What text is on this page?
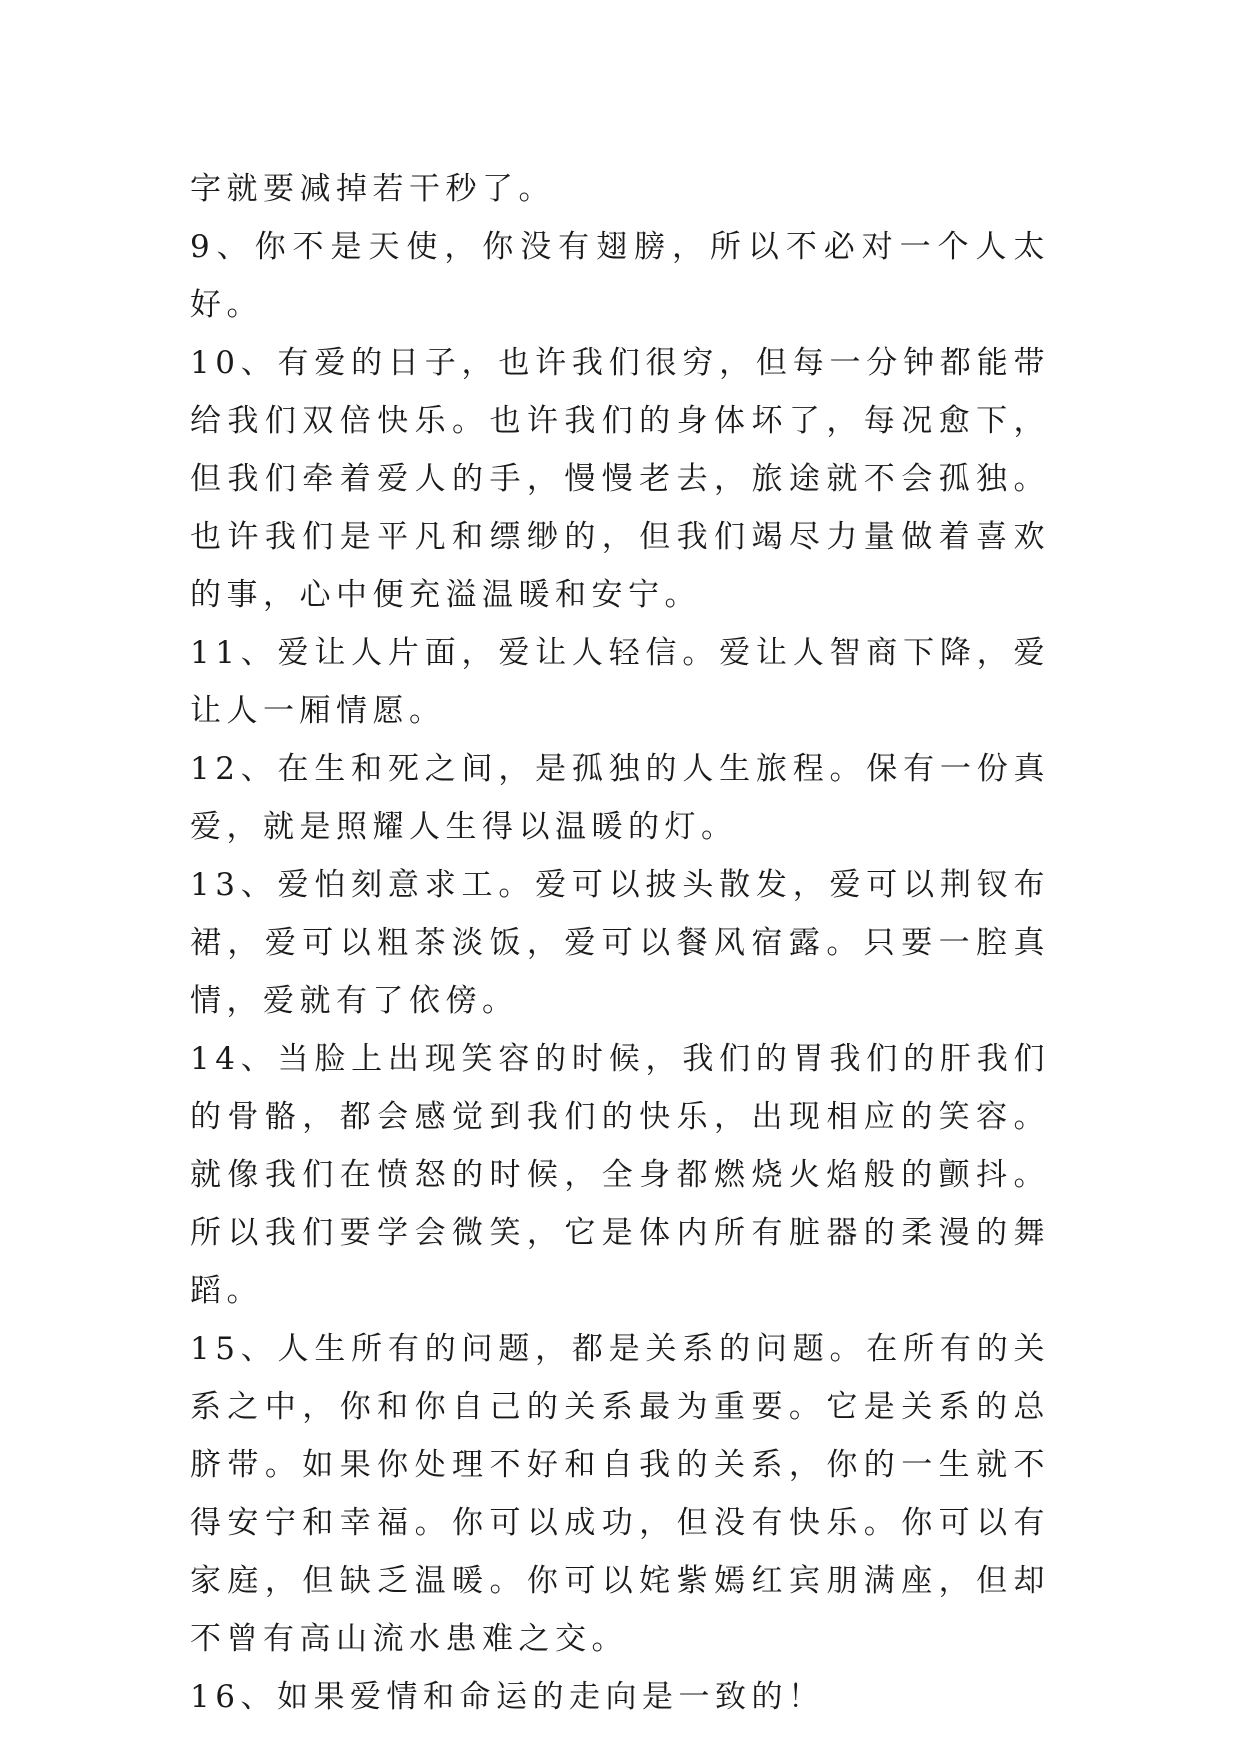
字就要减掉若干秒了。

9、你不是天使，你没有翅膀，所以不必对一个人太好。

10、有爱的日子，也许我们很穷，但每一分钟都能带给我们双倍快乐。也许我们的身体坏了，每况愈下，但我们牵着爱人的手，慢慢老去，旅途就不会孤独。也许我们是平凡和缥缈的，但我们竭尽力量做着喜欢的事，心中便充溢温暖和安宁。

11、爱让人片面，爱让人轻信。爱让人智商下降，爱让人一厢情愿。

12、在生和死之间，是孤独的人生旅程。保有一份真爱，就是照耀人生得以温暖的灯。

13、爱怕刻意求工。爱可以披头散发，爱可以荆钗布裙，爱可以粗茶淡饭，爱可以餐风宿露。只要一腔真情，爱就有了依傍。

14、当脸上出现笑容的时候，我们的胃我们的肝我们的骨骼，都会感觉到我们的快乐，出现相应的笑容。就像我们在愤怒的时候，全身都燃烧火焰般的颤抖。所以我们要学会微笑，它是体内所有脏器的柔漫的舞蹈。

15、人生所有的问题，都是关系的问题。在所有的关系之中，你和你自己的关系最为重要。它是关系的总脐带。如果你处理不好和自我的关系，你的一生就不得安宁和幸福。你可以成功，但没有快乐。你可以有家庭，但缺乏温暖。你可以姹紫嫣红宾朋满座，但却不曾有高山流水患难之交。

16、如果爱情和命运的走向是一致的！
